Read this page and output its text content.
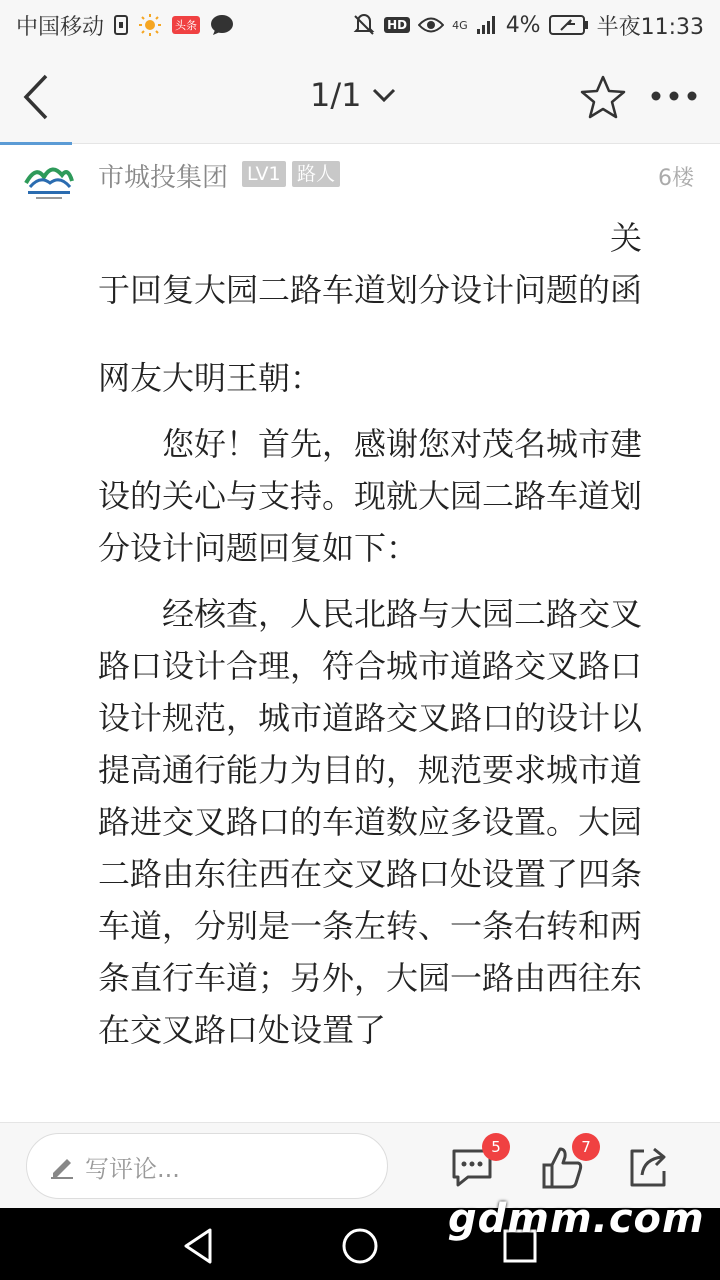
中国移动	头条	HD	4G 4%	半夜11:33
1/1
市城投集团 LV1 路人	6楼
关
于回复大园二路车道划分设计问题的函
网友大明王朝：
您好！首先，感谢您对茂名城市建设的关心与支持。现就大园二路车道划分设计问题回复如下：
经核查，人民北路与大园二路交叉路口设计合理，符合城市道路交叉路口设计规范，城市道路交叉路口的设计以提高通行能力为目的，规范要求城市道路进交叉路口的车道数应多设置。大园二路由东往西在交叉路口处设置了四条车道，分别是一条左转、一条右转和两条直行车道；另外，大园一路由西往东在交叉路口处设置了
写评论...
5	7
gdmm.com
